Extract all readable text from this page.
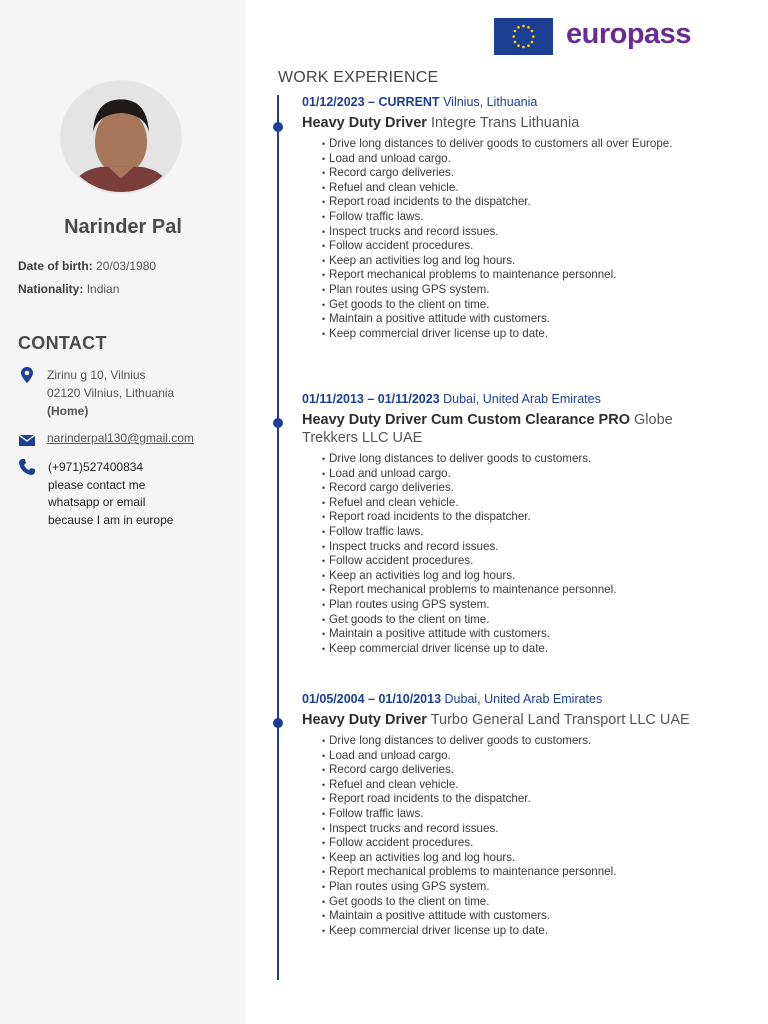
Narinder Pal
Date of birth: 20/03/1980
Nationality: Indian
CONTACT
Zirinu g 10, Vilnius
02120 Vilnius, Lithuania
(Home)
narinderpal130@gmail.com
(+971)527400834
please contact me
whatsapp or email
because I am in europe
europass
WORK EXPERIENCE
01/12/2023 – CURRENT Vilnius, Lithuania
Heavy Duty Driver Integre Trans Lithuania
• Drive long distances to deliver goods to customers all over Europe.
• Load and unload cargo.
• Record cargo deliveries.
• Refuel and clean vehicle.
• Report road incidents to the dispatcher.
• Follow traffic laws.
• Inspect trucks and record issues.
• Follow accident procedures.
• Keep an activities log and log hours.
• Report mechanical problems to maintenance personnel.
• Plan routes using GPS system.
• Get goods to the client on time.
• Maintain a positive attitude with customers.
• Keep commercial driver license up to date.
01/11/2013 – 01/11/2023 Dubai, United Arab Emirates
Heavy Duty Driver Cum Custom Clearance PRO Globe Trekkers LLC UAE
• Drive long distances to deliver goods to customers.
• Load and unload cargo.
• Record cargo deliveries.
• Refuel and clean vehicle.
• Report road incidents to the dispatcher.
• Follow traffic laws.
• Inspect trucks and record issues.
• Follow accident procedures.
• Keep an activities log and log hours.
• Report mechanical problems to maintenance personnel.
• Plan routes using GPS system.
• Get goods to the client on time.
• Maintain a positive attitude with customers.
• Keep commercial driver license up to date.
01/05/2004 – 01/10/2013 Dubai, United Arab Emirates
Heavy Duty Driver Turbo General Land Transport LLC UAE
• Drive long distances to deliver goods to customers.
• Load and unload cargo.
• Record cargo deliveries.
• Refuel and clean vehicle.
• Report road incidents to the dispatcher.
• Follow traffic laws.
• Inspect trucks and record issues.
• Follow accident procedures.
• Keep an activities log and log hours.
• Report mechanical problems to maintenance personnel.
• Plan routes using GPS system.
• Get goods to the client on time.
• Maintain a positive attitude with customers.
• Keep commercial driver license up to date.
